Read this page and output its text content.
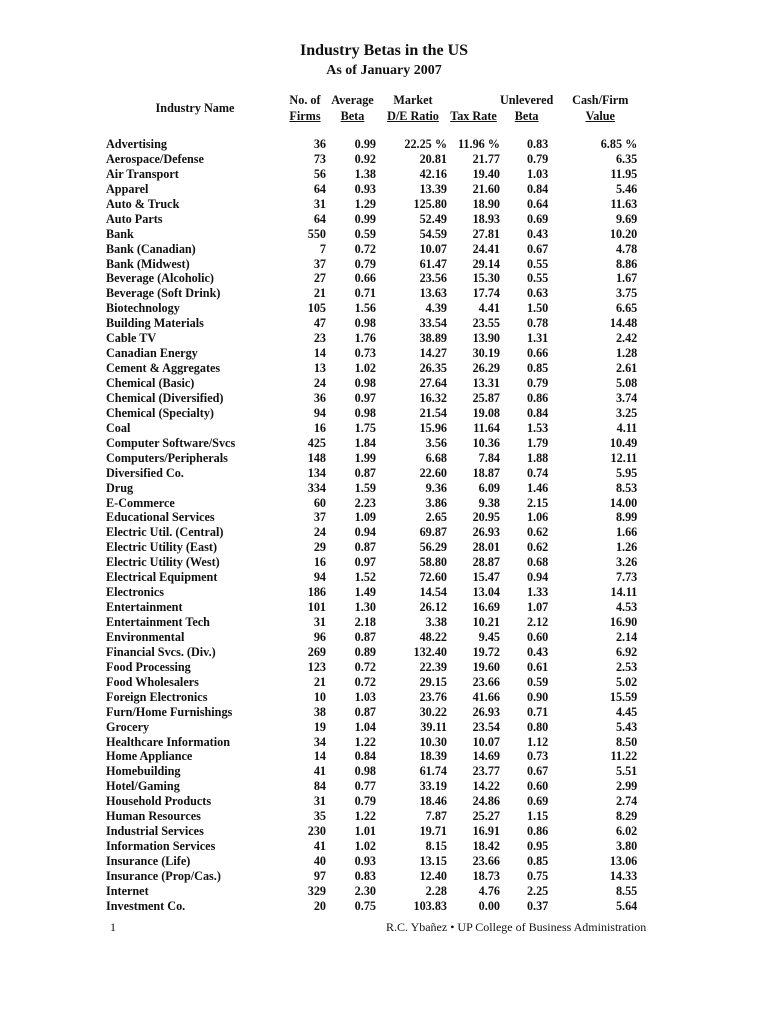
Industry Betas in the US
As of January 2007
Industry Name	No. of	Average	Market		Unlevered	Cash/Firm
	Firms	Beta	D/E Ratio	Tax Rate	Beta	Value
Advertising	36	0.99	22.25 %	11.96 %	0.83	6.85 %
Aerospace/Defense	73	0.92	20.81	21.77	0.79	6.35
Air Transport	56	1.38	42.16	19.40	1.03	11.95
Apparel	64	0.93	13.39	21.60	0.84	5.46
Auto & Truck	31	1.29	125.80	18.90	0.64	11.63
Auto Parts	64	0.99	52.49	18.93	0.69	9.69
Bank	550	0.59	54.59	27.81	0.43	10.20
Bank (Canadian)	7	0.72	10.07	24.41	0.67	4.78
Bank (Midwest)	37	0.79	61.47	29.14	0.55	8.86
Beverage (Alcoholic)	27	0.66	23.56	15.30	0.55	1.67
Beverage (Soft Drink)	21	0.71	13.63	17.74	0.63	3.75
Biotechnology	105	1.56	4.39	4.41	1.50	6.65
Building Materials	47	0.98	33.54	23.55	0.78	14.48
Cable TV	23	1.76	38.89	13.90	1.31	2.42
Canadian Energy	14	0.73	14.27	30.19	0.66	1.28
Cement & Aggregates	13	1.02	26.35	26.29	0.85	2.61
Chemical (Basic)	24	0.98	27.64	13.31	0.79	5.08
Chemical (Diversified)	36	0.97	16.32	25.87	0.86	3.74
Chemical (Specialty)	94	0.98	21.54	19.08	0.84	3.25
Coal	16	1.75	15.96	11.64	1.53	4.11
Computer Software/Svcs	425	1.84	3.56	10.36	1.79	10.49
Computers/Peripherals	148	1.99	6.68	7.84	1.88	12.11
Diversified Co.	134	0.87	22.60	18.87	0.74	5.95
Drug	334	1.59	9.36	6.09	1.46	8.53
E-Commerce	60	2.23	3.86	9.38	2.15	14.00
Educational Services	37	1.09	2.65	20.95	1.06	8.99
Electric Util. (Central)	24	0.94	69.87	26.93	0.62	1.66
Electric Utility (East)	29	0.87	56.29	28.01	0.62	1.26
Electric Utility (West)	16	0.97	58.80	28.87	0.68	3.26
Electrical Equipment	94	1.52	72.60	15.47	0.94	7.73
Electronics	186	1.49	14.54	13.04	1.33	14.11
Entertainment	101	1.30	26.12	16.69	1.07	4.53
Entertainment Tech	31	2.18	3.38	10.21	2.12	16.90
Environmental	96	0.87	48.22	9.45	0.60	2.14
Financial Svcs. (Div.)	269	0.89	132.40	19.72	0.43	6.92
Food Processing	123	0.72	22.39	19.60	0.61	2.53
Food Wholesalers	21	0.72	29.15	23.66	0.59	5.02
Foreign Electronics	10	1.03	23.76	41.66	0.90	15.59
Furn/Home Furnishings	38	0.87	30.22	26.93	0.71	4.45
Grocery	19	1.04	39.11	23.54	0.80	5.43
Healthcare Information	34	1.22	10.30	10.07	1.12	8.50
Home Appliance	14	0.84	18.39	14.69	0.73	11.22
Homebuilding	41	0.98	61.74	23.77	0.67	5.51
Hotel/Gaming	84	0.77	33.19	14.22	0.60	2.99
Household Products	31	0.79	18.46	24.86	0.69	2.74
Human Resources	35	1.22	7.87	25.27	1.15	8.29
Industrial Services	230	1.01	19.71	16.91	0.86	6.02
Information Services	41	1.02	8.15	18.42	0.95	3.80
Insurance (Life)	40	0.93	13.15	23.66	0.85	13.06
Insurance (Prop/Cas.)	97	0.83	12.40	18.73	0.75	14.33
Internet	329	2.30	2.28	4.76	2.25	8.55
Investment Co.	20	0.75	103.83	0.00	0.37	5.64
1	R.C. Ybañez • UP College of Business Administration
